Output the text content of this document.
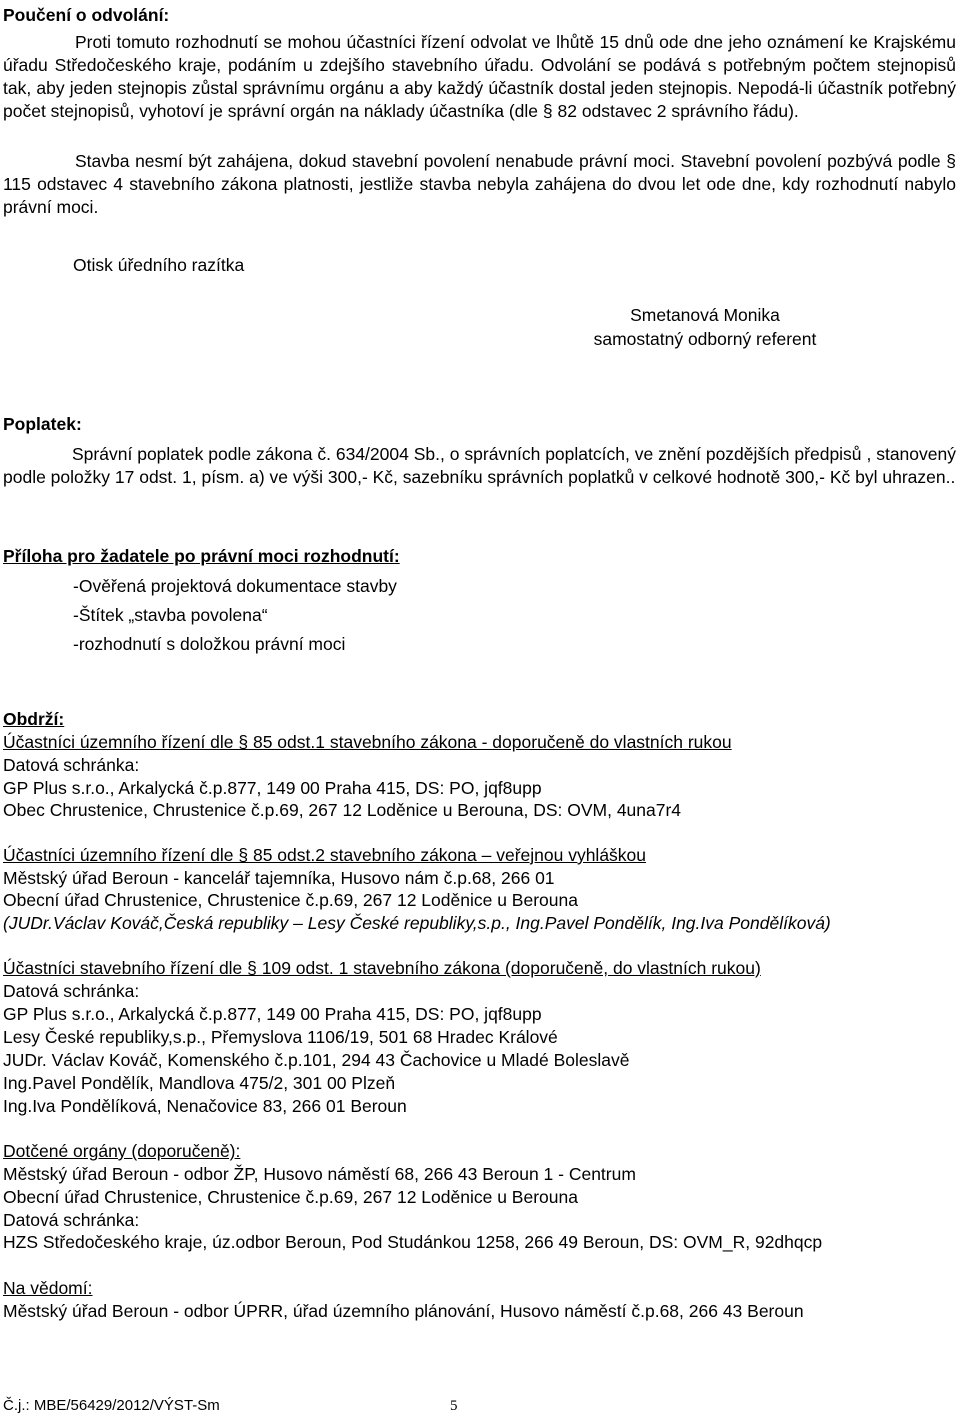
Poučení o odvolání:
Proti tomuto rozhodnutí se mohou účastníci řízení odvolat ve lhůtě 15 dnů ode dne jeho oznámení ke Krajskému úřadu Středočeského kraje, podáním u zdejšího stavebního úřadu. Odvolání se podává s potřebným počtem stejnopisů tak, aby jeden stejnopis zůstal správnímu orgánu a aby každý účastník dostal jeden stejnopis. Nepodá-li účastník potřebný počet stejnopisů, vyhotoví je správní orgán na náklady účastníka (dle § 82 odstavec 2 správního řádu).
Stavba nesmí být zahájena, dokud stavební povolení nenabude právní moci. Stavební povolení pozbývá podle § 115 odstavec 4 stavebního zákona platnosti, jestliže stavba nebyla zahájena do dvou let ode dne, kdy rozhodnutí nabylo právní moci.
Otisk úředního razítka
Smetanová Monika
samostatný odborný referent
Poplatek:
Správní poplatek podle zákona č. 634/2004 Sb., o správních poplatcích, ve znění pozdějších předpisů , stanovený podle položky 17 odst. 1, písm. a) ve výši 300,- Kč, sazebníku správních poplatků v celkové hodnotě 300,- Kč byl uhrazen..
Příloha pro žadatele po právní moci rozhodnutí:
-Ověřená projektová dokumentace stavby
-Štítek „stavba povolena“
-rozhodnutí s doložkou právní moci
Obdrží:
Účastníci územního řízení dle § 85 odst.1 stavebního zákona - doporučeně do vlastních rukou
Datová schránka:
GP Plus s.r.o., Arkalycká č.p.877, 149 00 Praha 415, DS: PO, jqf8upp
Obec Chrustenice, Chrustenice č.p.69, 267 12 Loděnice u Berouna, DS: OVM, 4una7r4
Účastníci územního řízení dle § 85 odst.2 stavebního zákona – veřejnou vyhláškou
Městský úřad Beroun - kancelář tajemníka, Husovo nám č.p.68, 266 01
Obecní úřad Chrustenice, Chrustenice č.p.69, 267 12 Loděnice u Berouna
(JUDr.Václav Kováč,Česká republiky – Lesy České republiky,s.p., Ing.Pavel Pondělík, Ing.Iva Pondělíková)
Účastníci stavebního řízení dle § 109 odst. 1 stavebního zákona (doporučeně, do vlastních rukou)
Datová schránka:
GP Plus s.r.o., Arkalycká č.p.877, 149 00 Praha 415, DS: PO, jqf8upp
Lesy České republiky,s.p., Přemyslova 1106/19, 501 68 Hradec Králové
JUDr. Václav Kováč, Komenského č.p.101, 294 43 Čachovice u Mladé Boleslavě
Ing.Pavel Pondělík, Mandlova 475/2, 301 00 Plzeň
Ing.Iva Pondělíková, Nenačovice 83, 266 01 Beroun
Dotčené orgány (doporučeně):
Městský úřad Beroun - odbor ŽP, Husovo náměstí 68, 266 43 Beroun 1 - Centrum
Obecní úřad Chrustenice, Chrustenice č.p.69, 267 12 Loděnice u Berouna
Datová schránka:
HZS Středočeského kraje, úz.odbor Beroun, Pod Studánkou 1258, 266 49 Beroun, DS: OVM_R, 92dhqcp
Na vědomí:
Městský úřad Beroun - odbor ÚPRR, úřad územního plánování, Husovo náměstí č.p.68, 266 43 Beroun
Č.j.: MBE/56429/2012/VÝST-Sm	5
